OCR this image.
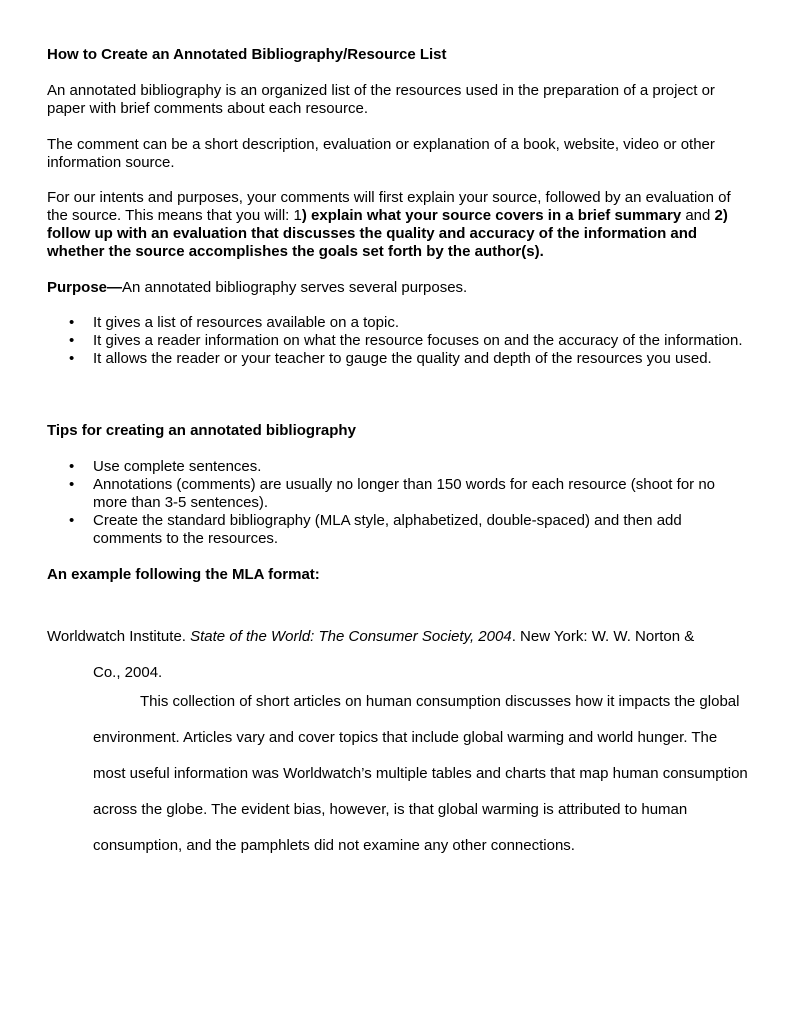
How to Create an Annotated Bibliography/Resource List

An annotated bibliography is an organized list of the resources used in the preparation of a project or paper with brief comments about each resource.

The comment can be a short description, evaluation or explanation of a book, website, video or other information source.

For our intents and purposes, your comments will first explain your source, followed by an evaluation of the source. This means that you will: 1) explain what your source covers in a brief summary and 2) follow up with an evaluation that discusses the quality and accuracy of the information and whether the source accomplishes the goals set forth by the author(s).

Purpose—An annotated bibliography serves several purposes.

• It gives a list of resources available on a topic.
• It gives a reader information on what the resource focuses on and the accuracy of the information.
• It allows the reader or your teacher to gauge the quality and depth of the resources you used.
Tips for creating an annotated bibliography
• Use complete sentences.
• Annotations (comments) are usually no longer than 150 words for each resource (shoot for no more than 3-5 sentences).
• Create the standard bibliography (MLA style, alphabetized, double-spaced) and then add comments to the resources.
An example following the MLA format:
Worldwatch Institute. State of the World: The Consumer Society, 2004. New York: W. W. Norton &
Co., 2004.

This collection of short articles on human consumption discusses how it impacts the global environment. Articles vary and cover topics that include global warming and world hunger. The most useful information was Worldwatch’s multiple tables and charts that map human consumption across the globe. The evident bias, however, is that global warming is attributed to human consumption, and the pamphlets did not examine any other connections.
